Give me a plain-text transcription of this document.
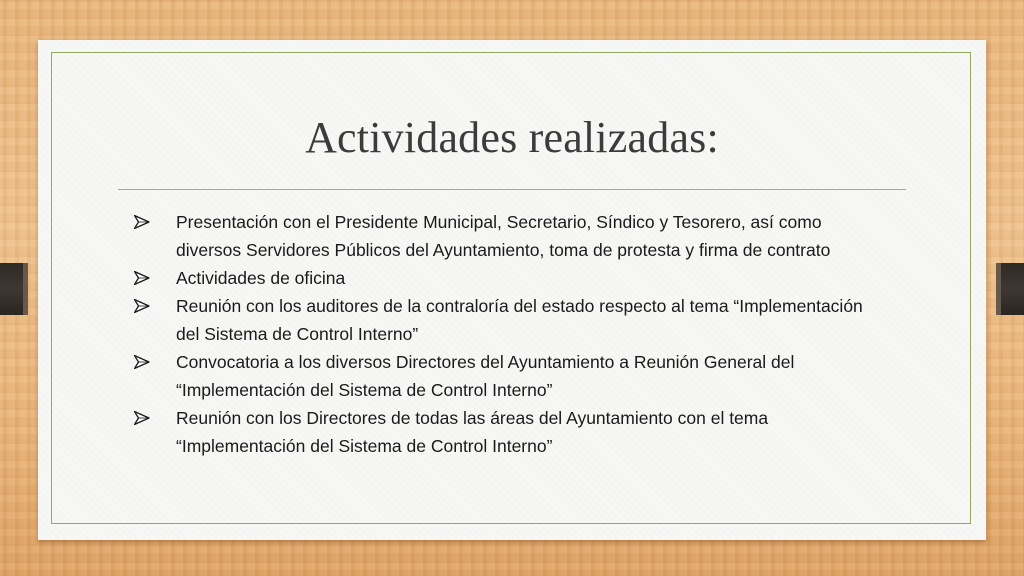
Actividades realizadas:
Presentación con el Presidente Municipal, Secretario, Síndico y Tesorero, así como
diversos Servidores Públicos del Ayuntamiento, toma de protesta y firma de contrato
Actividades de oficina
Reunión con los auditores de la contraloría del estado respecto al tema “Implementación
del Sistema de Control Interno”
Convocatoria a los diversos Directores del Ayuntamiento a Reunión General del
“Implementación del Sistema de Control Interno”
Reunión con los Directores de todas las áreas del Ayuntamiento con el tema
“Implementación del Sistema de Control Interno”
